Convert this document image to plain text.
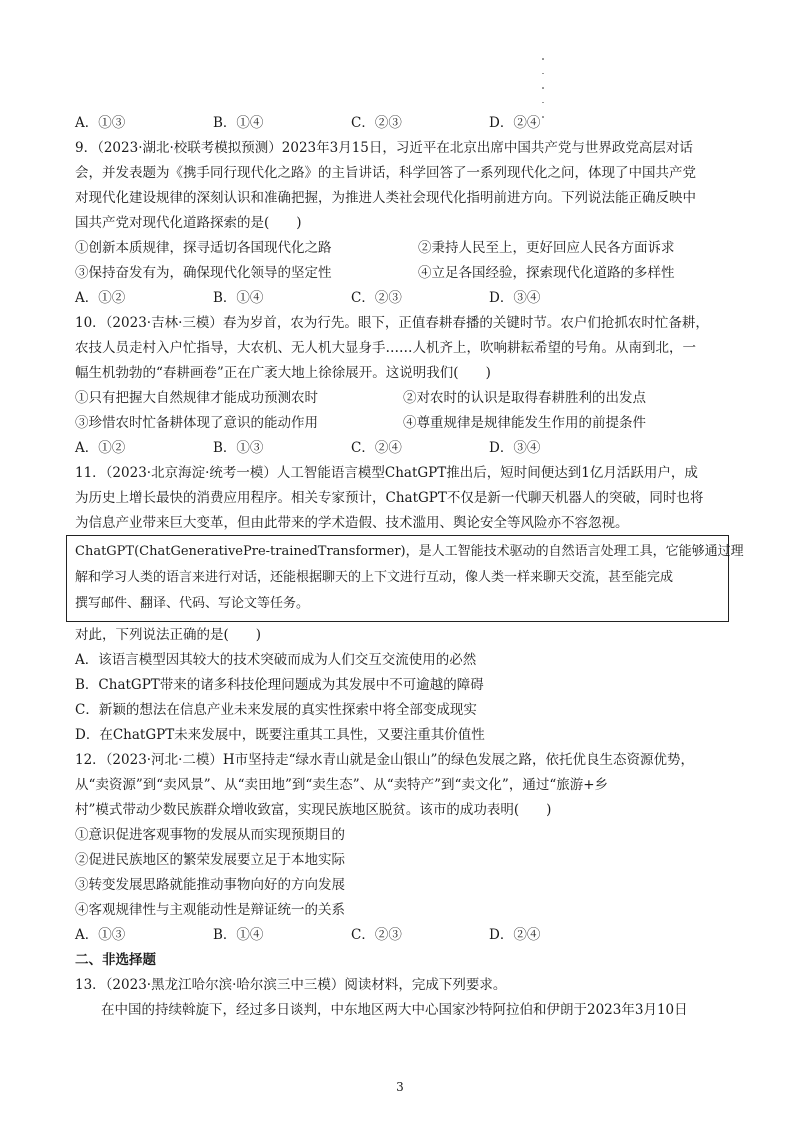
A．①③	B．①④	C．②③	D．②④
9．（2023·湖北·校联考模拟预测）2023年3月15日，习近平在北京出席中国共产党与世界政党高层对话
会，并发表题为《携手同行现代化之路》的主旨讲话，科学回答了一系列现代化之问，体现了中国共产党
对现代化建设规律的深刻认识和准确把握，为推进人类社会现代化指明前进方向。下列说法能正确反映中
国共产党对现代化道路探索的是(　　)
①创新本质规律，探寻适切各国现代化之路	②秉持人民至上，更好回应人民各方面诉求
③保持奋发有为，确保现代化领导的坚定性	④立足各国经验，探索现代化道路的多样性
A．①②	B．①④	C．②③	D．③④
10．（2023·吉林·三模）春为岁首，农为行先。眼下，正值春耕春播的关键时节。农户们抢抓农时忙备耕，
农技人员走村入户忙指导，大农机、无人机大显身手……人机齐上，吹响耕耘希望的号角。从南到北，一
幅生机勃勃的“春耕画卷”正在广袤大地上徐徐展开。这说明我们(　　)
①只有把握大自然规律才能成功预测农时	②对农时的认识是取得春耕胜利的出发点
③珍惜农时忙备耕体现了意识的能动作用	④尊重规律是规律能发生作用的前提条件
A．①②	B．①③	C．②④	D．③④
11．（2023·北京海淀·统考一模）人工智能语言模型ChatGPT推出后，短时间便达到1亿月活跃用户，成
为历史上增长最快的消费应用程序。相关专家预计，ChatGPT不仅是新一代聊天机器人的突破，同时也将
为信息产业带来巨大变革，但由此带来的学术造假、技术滥用、舆论安全等风险亦不容忽视。
对此，下列说法正确的是(　　)
A．该语言模型因其较大的技术突破而成为人们交互交流使用的必然
B．ChatGPT带来的诸多科技伦理问题成为其发展中不可逾越的障碍
C．新颖的想法在信息产业未来发展的真实性探索中将全部变成现实
D．在ChatGPT未来发展中，既要注重其工具性，又要注重其价值性
12．（2023·河北·二模）H市坚持走“绿水青山就是金山银山”的绿色发展之路，依托优良生态资源优势，
从“卖资源”到“卖风景”、从“卖田地”到“卖生态”、从“卖特产”到“卖文化”，通过“旅游+乡
村”模式带动少数民族群众增收致富，实现民族地区脱贫。该市的成功表明(　　)
①意识促进客观事物的发展从而实现预期目的
②促进民族地区的繁荣发展要立足于本地实际
③转变发展思路就能推动事物向好的方向发展
④客观规律性与主观能动性是辩证统一的关系
A．①③	B．①④	C．②③	D．②④
二、非选择题
13．（2023·黑龙江哈尔滨·哈尔滨三中三模）阅读材料，完成下列要求。
在中国的持续斡旋下，经过多日谈判，中东地区两大中心国家沙特阿拉伯和伊朗于2023年3月10日
ChatGPT(ChatGenerativePre-trainedTransformer)，是人工智能技术驱动的自然语言处理工具，它能够通过理
解和学习人类的语言来进行对话，还能根据聊天的上下文进行互动，像人类一样来聊天交流，甚至能完成
撰写邮件、翻译、代码、写论文等任务。
3
